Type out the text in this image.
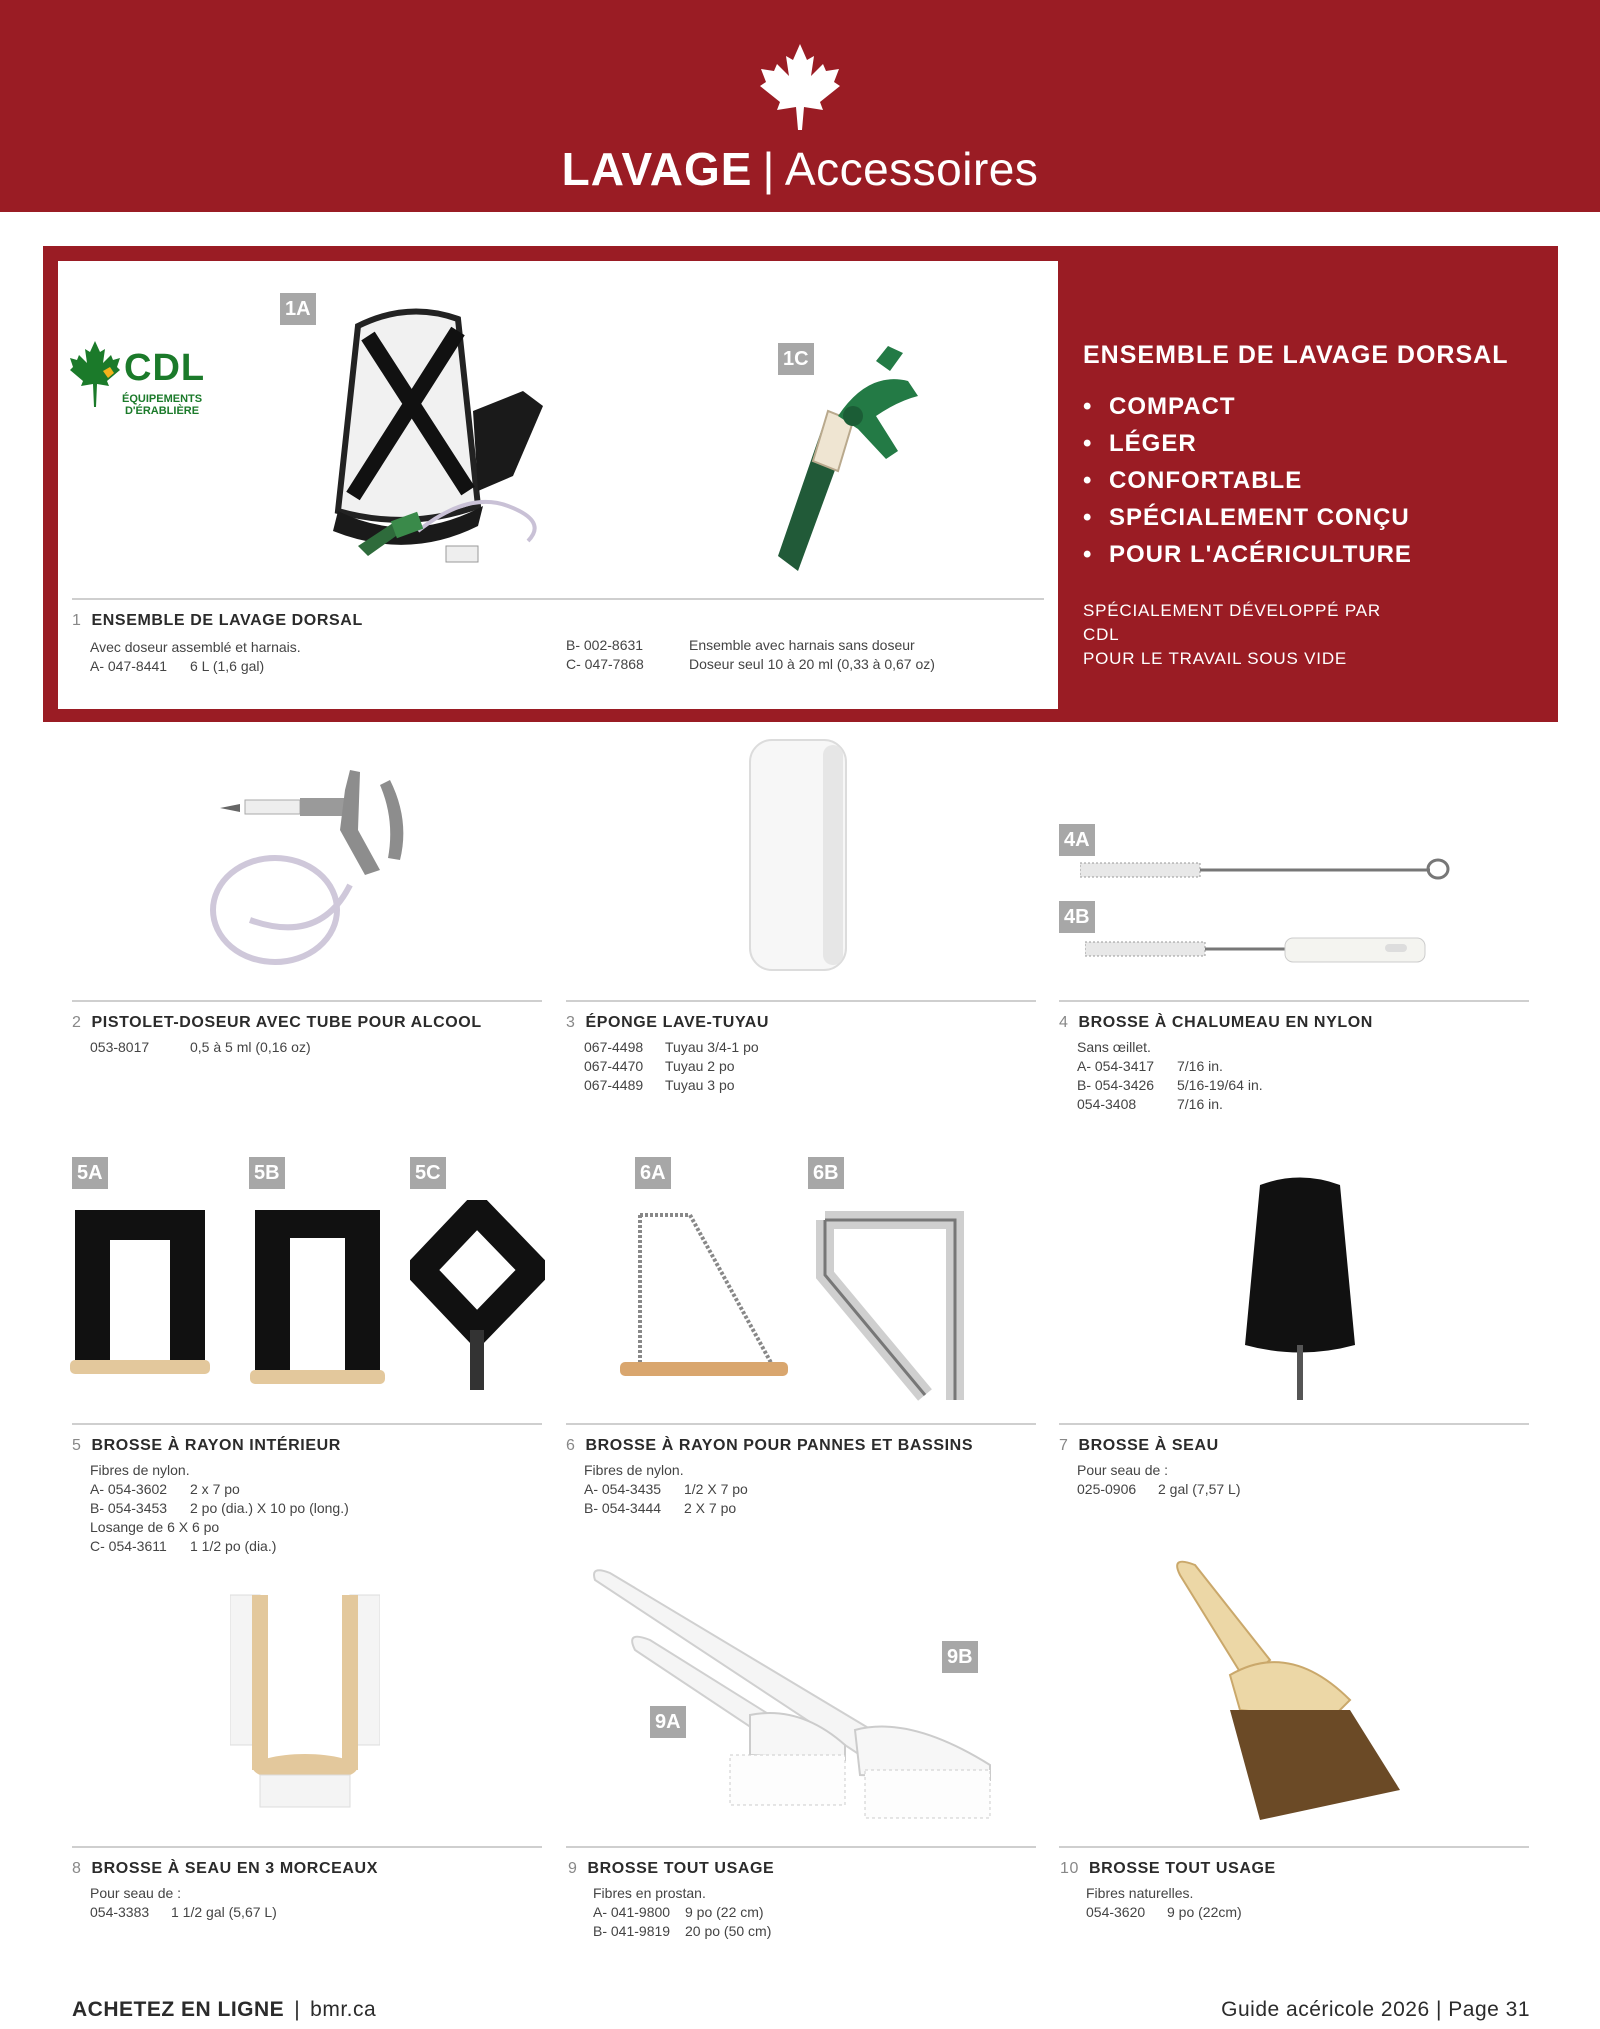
LAVAGE | Accessoires
CDL
ÉQUIPEMENTS
D'ÉRABLIÈRE
1A
1C
1 ENSEMBLE DE LAVAGE DORSAL
Avec doseur assemblé et harnais.
A- 047-8441	6 L (1,6 gal)
B- 002-8631	Ensemble avec harnais sans doseur
C- 047-7868	Doseur seul 10 à 20 ml (0,33 à 0,67 oz)
ENSEMBLE DE LAVAGE DORSAL
• COMPACT
• LÉGER
• CONFORTABLE
• SPÉCIALEMENT CONÇU
• POUR L'ACÉRICULTURE
SPÉCIALEMENT DÉVELOPPÉ PAR CDL
POUR LE TRAVAIL SOUS VIDE
4A
4B
2 PISTOLET-DOSEUR AVEC TUBE POUR ALCOOL
053-8017	0,5 à 5 ml (0,16 oz)
3 ÉPONGE LAVE-TUYAU
067-4498	Tuyau 3/4-1 po
067-4470	Tuyau 2 po
067-4489	Tuyau 3 po
4 BROSSE À CHALUMEAU EN NYLON
Sans œillet.
A- 054-3417	7/16 in.
B- 054-3426	5/16-19/64 in.
054-3408	7/16 in.
5A	5B	5C	6A	6B
5 BROSSE À RAYON INTÉRIEUR
Fibres de nylon.
A- 054-3602	2 x 7 po
B- 054-3453	2 po (dia.) X 10 po (long.)
Losange de 6 X 6 po
C- 054-3611	1 1/2 po (dia.)
6 BROSSE À RAYON POUR PANNES ET BASSINS
Fibres de nylon.
A- 054-3435	1/2 X 7 po
B- 054-3444	2 X 7 po
7 BROSSE À SEAU
Pour seau de :
025-0906	2 gal (7,57 L)
9B
9A
8 BROSSE À SEAU EN 3 MORCEAUX
Pour seau de :
054-3383	1 1/2 gal (5,67 L)
9 BROSSE TOUT USAGE
Fibres en prostan.
A- 041-9800	9 po (22 cm)
B- 041-9819	20 po (50 cm)
10 BROSSE TOUT USAGE
Fibres naturelles.
054-3620	9 po (22cm)
ACHETEZ EN LIGNE | bmr.ca	Guide acéricole 2026 | Page 31
